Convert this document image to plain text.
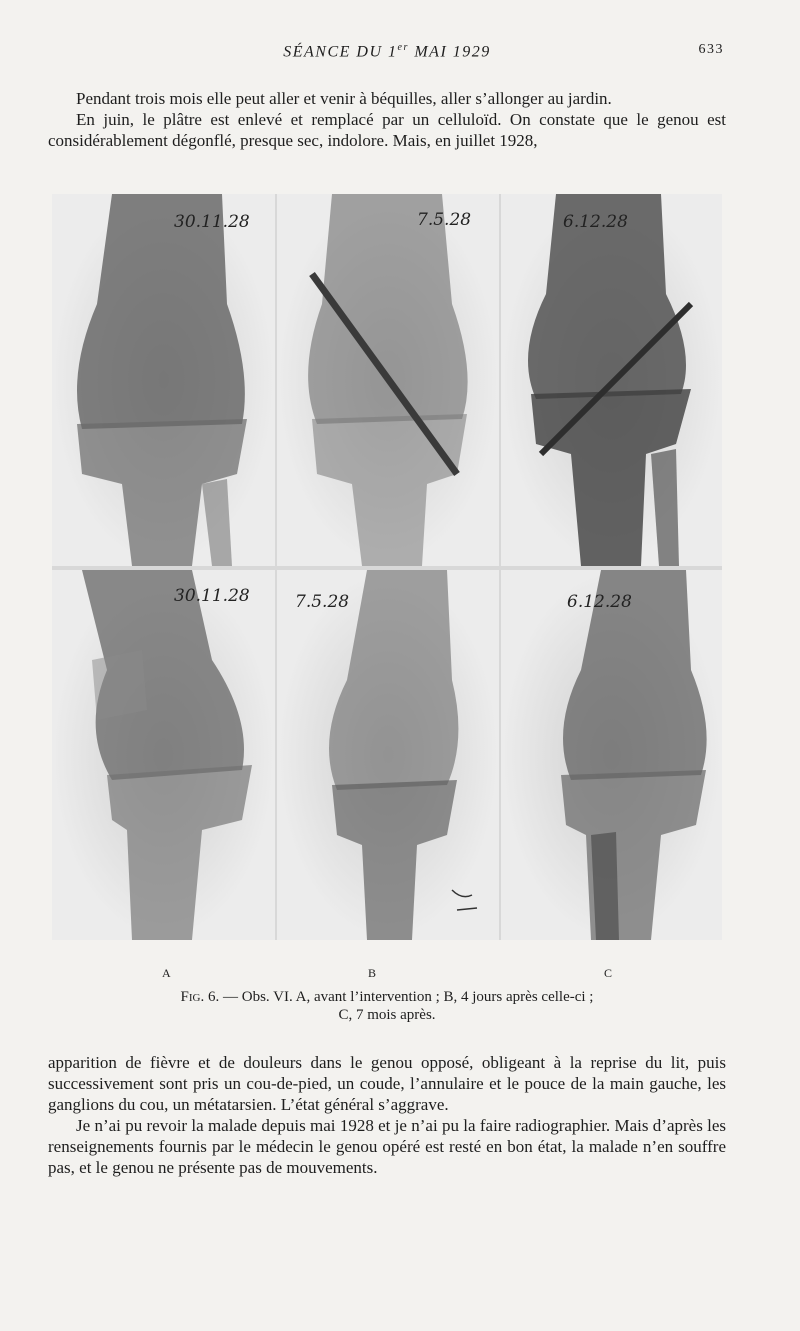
SÉANCE DU 1er MAI 1929	633

Pendant trois mois elle peut aller et venir à béquilles, aller s’allonger au jardin.

En juin, le plâtre est enlevé et remplacé par un celluloïd. On constate que le genou est considérablement dégonflé, presque sec, indolore. Mais, en juillet 1928,

30.11.28	7.5.28	6.12.28
30.11.28	7.5.28	6.12.28
A	B	C
Fig. 6. — Obs. VI. A, avant l’intervention ; B, 4 jours après celle-ci ;
C, 7 mois après.

apparition de fièvre et de douleurs dans le genou opposé, obligeant à la reprise du lit, puis successivement sont pris un cou-de-pied, un coude, l’annulaire et le pouce de la main gauche, les ganglions du cou, un métatarsien. L’état général s’aggrave.

Je n’ai pu revoir la malade depuis mai 1928 et je n’ai pu la faire radiographier. Mais d’après les renseignements fournis par le médecin le genou opéré est resté en bon état, la malade n’en souffre pas, et le genou ne présente pas de mouvements.
